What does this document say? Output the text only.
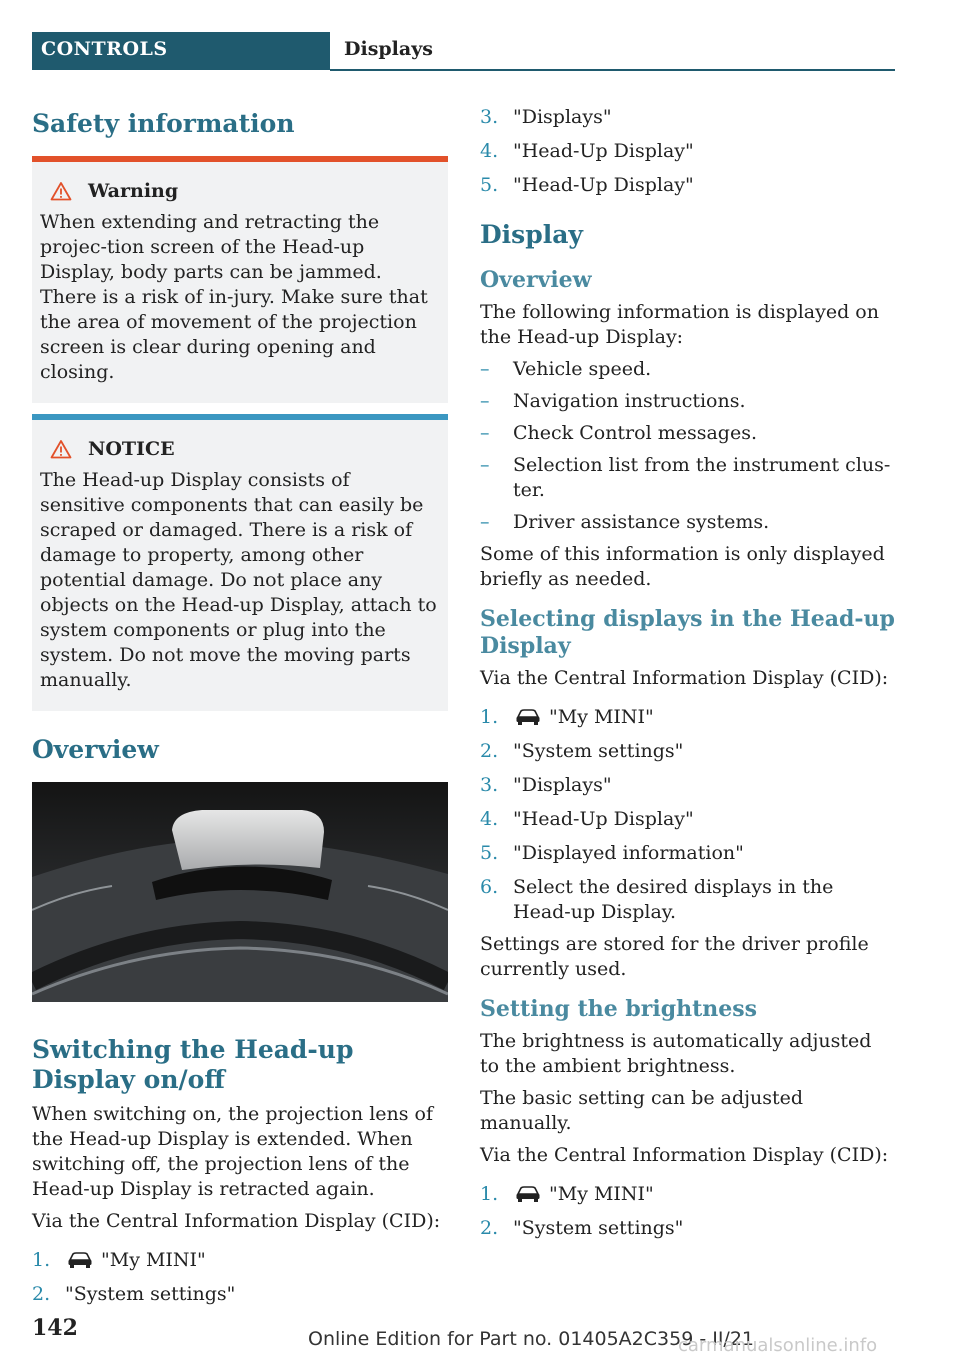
CONTROLS	Displays
Safety information
Warning
When extending and retracting the projec‐tion screen of the Head-up Display, body parts can be jammed. There is a risk of in‐jury. Make sure that the area of movement of the projection screen is clear during opening and closing.
NOTICE
The Head-up Display consists of sensitive components that can easily be scraped or damaged. There is a risk of damage to property, among other potential damage. Do not place any objects on the Head-up Display, attach to system components or plug into the system. Do not move the moving parts manually.
Overview
Switching the Head-up Display on/off

When switching on, the projection lens of the Head-up Display is extended. When switching off, the projection lens of the Head-up Display is retracted again.

Via the Central Information Display (CID):

1.	"My MINI"
2. "System settings"
3. "Displays"
4. "Head-Up Display"
5. "Head-Up Display"
Display
Overview

The following information is displayed on the Head-up Display:

–	Vehicle speed.
–	Navigation instructions.
–	Check Control messages.
–	Selection list from the instrument clus‐ter.
–	Driver assistance systems.

Some of this information is only displayed briefly as needed.

Selecting displays in the Head-up Display

Via the Central Information Display (CID):

1.	"My MINI"
2. "System settings"
3. "Displays"
4. "Head-Up Display"
5. "Displayed information"
6. Select the desired displays in the Head-up Display.

Settings are stored for the driver profile currently used.

Setting the brightness

The brightness is automatically adjusted to the ambient brightness.

The basic setting can be adjusted manually.

Via the Central Information Display (CID):

1.	"My MINI"
2. "System settings"
142	Online Edition for Part no. 01405A2C359 - II/21
carmanualsonline.info
